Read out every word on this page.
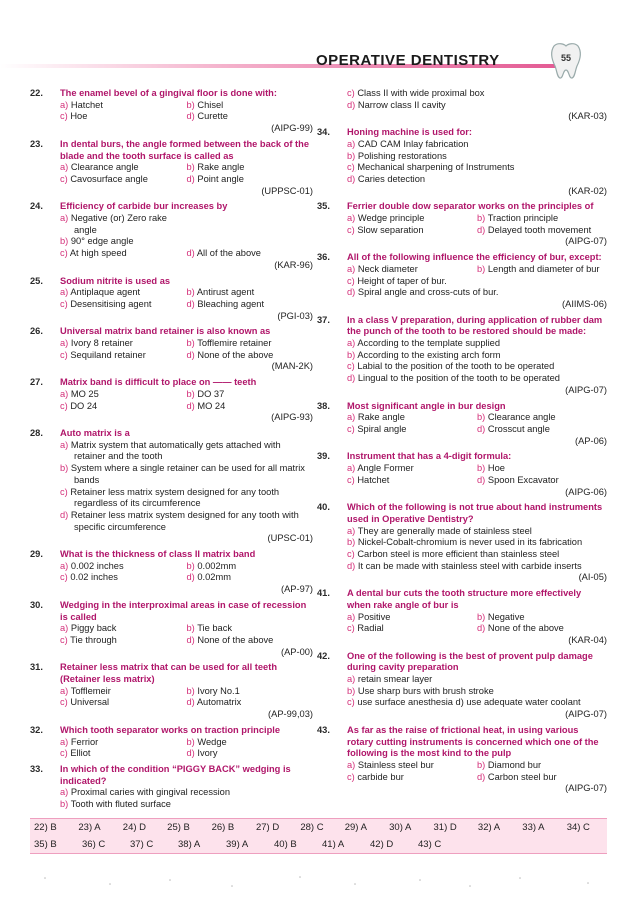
OPERATIVE DENTISTRY	55
22. The enamel bevel of a gingival floor is done with:
a) Hatchet	b) Chisel
c) Hoe	d) Curette
(AIPG-99)
23. In dental burs, the angle formed between the back of the blade and the tooth surface is called as
a) Clearance angle	b) Rake angle
c) Cavosurface angle	d) Point angle
(UPPSC-01)
24. Efficiency of carbide bur increases by
a) Negative (or) Zero rake angle
b) 90° edge angle
c) At high speed	d) All of the above
(KAR-96)
25. Sodium nitrite is used as
a) Antiplaque agent	b) Antirust agent
c) Desensitising agent	d) Bleaching agent
(PGI-03)
26. Universal matrix band retainer is also known as
a) Ivory 8 retainer	b) Tofflemire retainer
c) Sequiland retainer	d) None of the above
(MAN-2K)
27. Matrix band is difficult to place on —— teeth
a) MO 25	b) DO 37
c) DO 24	d) MO 24
(AIPG-93)
28. Auto matrix is a
a) Matrix system that automatically gets attached with retainer and the tooth
b) System where a single retainer can be used for all matrix bands
c) Retainer less matrix system designed for any tooth regardless of its circumference
d) Retainer less matrix system designed for any tooth with specific circumference
(UPSC-01)
29. What is the thickness of class II matrix band
a) 0.002 inches	b) 0.002mm
c) 0.02 inches	d) 0.02mm
(AP-97)
30. Wedging in the interproximal areas in case of recession is called
a) Piggy back	b) Tie back
c) Tie through	d) None of the above
(AP-00)
31. Retainer less matrix that can be used for all teeth (Retainer less matrix)
a) Tofflemeir	b) Ivory No.1
c) Universal	d) Automatrix
(AP-99,03)
32. Which tooth separator works on traction principle
a) Ferrior	b) Wedge
c) Elliot	d) Ivory
33. In which of the condition “PIGGY BACK” wedging is indicated?
a) Proximal caries with gingival recession
b) Tooth with fluted surface
c) Class II with wide proximal box
d) Narrow class II cavity
(KAR-03)
34. Honing machine is used for:
a) CAD CAM Inlay fabrication
b) Polishing restorations
c) Mechanical sharpening of Instruments
d) Caries detection
(KAR-02)
35. Ferrier double dow separator works on the principles of
a) Wedge principle	b) Traction principle
c) Slow separation	d) Delayed tooth movement
(AIPG-07)
36. All of the following influence the efficiency of bur, except:
a) Neck diameter	b) Length and diameter of bur
c) Height of taper of bur.
d) Spiral angle and cross-cuts of bur.
(AIIMS-06)
37. In a class V preparation, during application of rubber dam the punch of the tooth to be restored should be made:
a) According to the template supplied
b) According to the existing arch form
c) Labial to the position of the tooth to be operated
d) Lingual to the position of the tooth to be operated
(AIPG-07)
38. Most significant angle in bur design
a) Rake angle	b) Clearance angle
c) Spiral angle	d) Crosscut angle
(AP-06)
39. Instrument that has a 4-digit formula:
a) Angle Former	b) Hoe
c) Hatchet	d) Spoon Excavator
(AIPG-06)
40. Which of the following is not true about hand instruments used in Operative Dentistry?
a) They are generally made of stainless steel
b) Nickel-Cobalt-chromium is never used in its fabrication
c) Carbon steel is more efficient than stainless steel
d) It can be made with stainless steel with carbide inserts
(AI-05)
41. A dental bur cuts the tooth structure more effectively when rake angle of bur is
a) Positive	b) Negative
c) Radial	d) None of the above
(KAR-04)
42. One of the following is the best of provent pulp damage during cavity preparation
a) retain smear layer
b) Use sharp burs with brush stroke
c) use surface anesthesia d) use adequate water coolant
(AIPG-07)
43. As far as the raise of frictional heat, in using various rotary cutting instruments is concerned which one of the following is the most kind to the pulp
a) Stainless steel bur	b) Diamond bur
c) carbide bur	d) Carbon steel bur
(AIPG-07)
22) B	23) A	24) D	25) B	26) B	27) D	28) C	29) A	30) A	31) D	32) A	33) A	34) C
35) B	36) C	37) C	38) A	39) A	40) B	41) A	42) D	43) C
